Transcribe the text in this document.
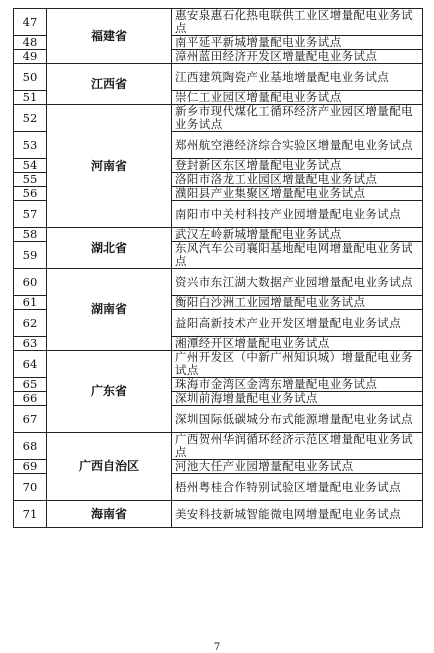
47	福建省	惠安泉惠石化热电联供工业区增量配电业务试点
48		南平延平新城增量配电业务试点
49		漳州蓝田经济开发区增量配电业务试点
50	江西省	江西建筑陶瓷产业基地增量配电业务试点
51		崇仁工业园区增量配电业务试点
52	河南省	新乡市现代煤化工循环经济产业园区增量配电业务试点
53		郑州航空港经济综合实验区增量配电业务试点
54		登封新区东区增量配电业务试点
55		洛阳市洛龙工业园区增量配电业务试点
56		濮阳县产业集聚区增量配电业务试点
57		南阳市中关村科技产业园增量配电业务试点
58	湖北省	武汉左岭新城增量配电业务试点
59		东风汽车公司襄阳基地配电网增量配电业务试点
60	湖南省	资兴市东江湖大数据产业园增量配电业务试点
61		衡阳白沙洲工业园增量配电业务试点
62		益阳高新技术产业开发区增量配电业务试点
63		湘潭经开区增量配电业务试点
64	广东省	广州开发区（中新广州知识城）增量配电业务试点
65		珠海市金湾区金湾东增量配电业务试点
66		深圳前海增量配电业务试点
67		深圳国际低碳城分布式能源增量配电业务试点
68	广西自治区	广西贺州华润循环经济示范区增量配电业务试点
69		河池大任产业园增量配电业务试点
70		梧州粤桂合作特别试验区增量配电业务试点
71	海南省	美安科技新城智能微电网增量配电业务试点
7
